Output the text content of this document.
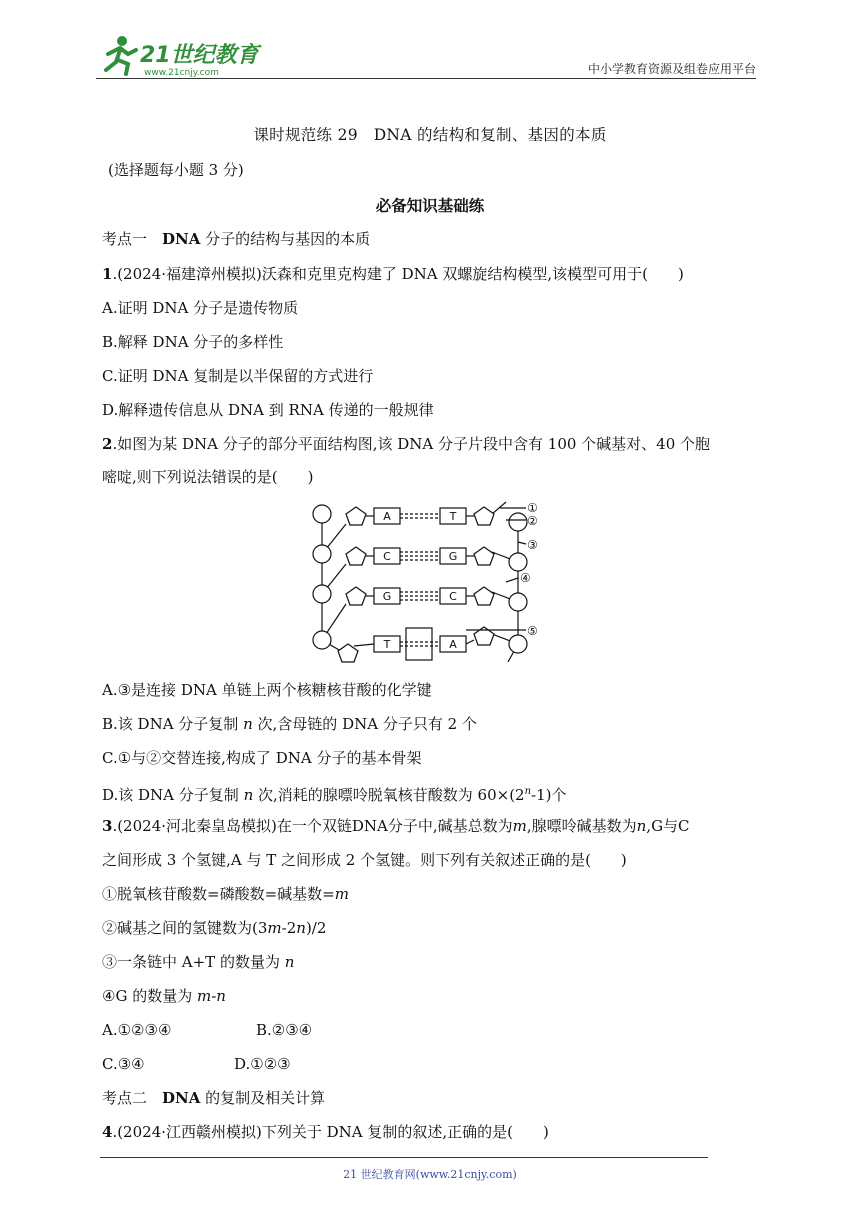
21世纪教育
www.21cnjy.com	中小学教育资源及组卷应用平台
课时规范练 29　DNA 的结构和复制、基因的本质
(选择题每小题 3 分)
必备知识基础练
考点一　DNA 分子的结构与基因的本质
1.(2024·福建漳州模拟)沃森和克里克构建了 DNA 双螺旋结构模型,该模型可用于(　　)
A.证明 DNA 分子是遗传物质
B.解释 DNA 分子的多样性
C.证明 DNA 复制是以半保留的方式进行
D.解释遗传信息从 DNA 到 RNA 传递的一般规律
2.如图为某 DNA 分子的部分平面结构图,该 DNA 分子片段中含有 100 个碱基对、40 个胞
嘧啶,则下列说法错误的是(　　)
A	T
C	G
G	C
T	A
①
②
③
④
⑤
A.③是连接 DNA 单链上两个核糖核苷酸的化学键
B.该 DNA 分子复制 n 次,含母链的 DNA 分子只有 2 个
C.①与②交替连接,构成了 DNA 分子的基本骨架
D.该 DNA 分子复制 n 次,消耗的腺嘌呤脱氧核苷酸数为 $60\times(2^n-1)$个
3.(2024·河北秦皇岛模拟)在一个双链DNA分子中,碱基总数为m,腺嘌呤碱基数为n,G与C
之间形成 3 个氢键,A 与 T 之间形成 2 个氢键。则下列有关叙述正确的是(　　)
①脱氧核苷酸数=磷酸数=碱基数=m
②碱基之间的氢键数为(3m-2n)/2
③一条链中 A+T 的数量为 n
④G 的数量为 m-n
A.①②③④	B.②③④
C.③④	D.①②③
考点二　DNA 的复制及相关计算
4.(2024·江西赣州模拟)下列关于 DNA 复制的叙述,正确的是(　　)
21 世纪教育网(www.21cnjy.com)
